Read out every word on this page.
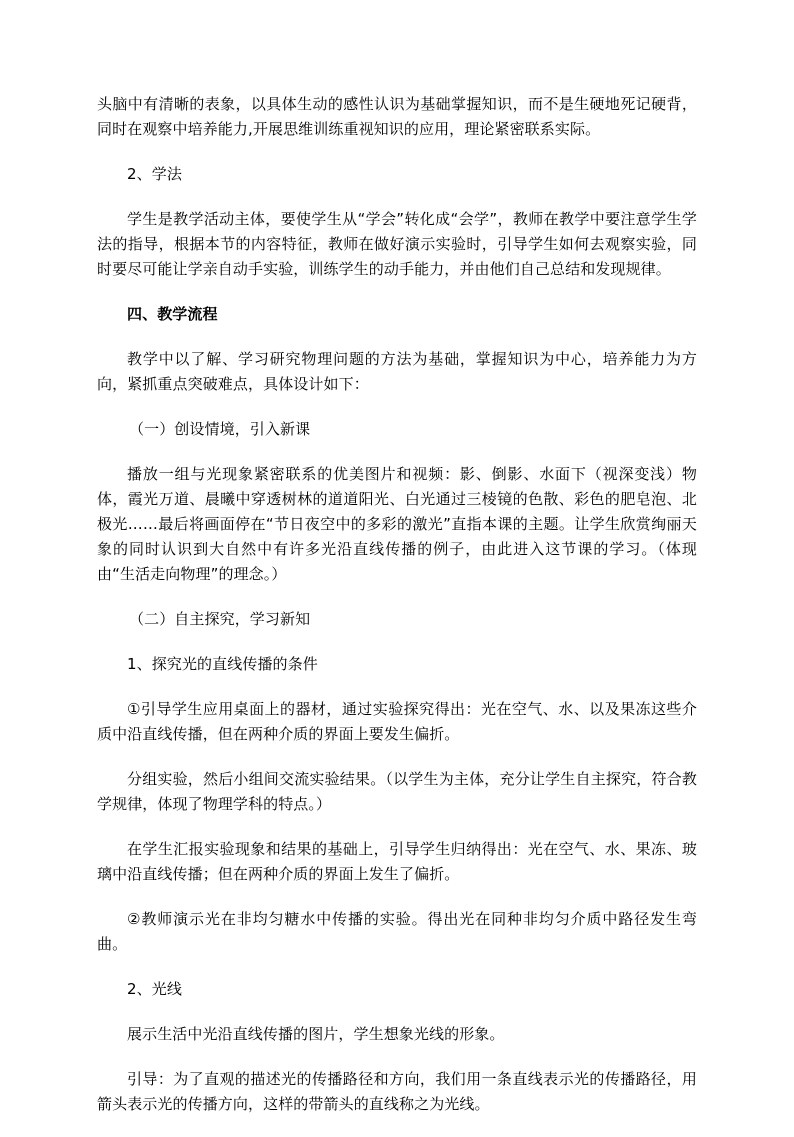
头脑中有清晰的表象，以具体生动的感性认识为基础掌握知识，而不是生硬地死记硬背，同时在观察中培养能力,开展思维训练重视知识的应用，理论紧密联系实际。

2、学法

学生是教学活动主体，要使学生从“学会”转化成“会学”，教师在教学中要注意学生学法的指导，根据本节的内容特征，教师在做好演示实验时，引导学生如何去观察实验，同时要尽可能让学亲自动手实验，训练学生的动手能力，并由他们自己总结和发现规律。

四、教学流程

教学中以了解、学习研究物理问题的方法为基础，掌握知识为中心，培养能力为方向，紧抓重点突破难点，具体设计如下：

（一）创设情境，引入新课

播放一组与光现象紧密联系的优美图片和视频：影、倒影、水面下（视深变浅）物体，霞光万道、晨曦中穿透树林的道道阳光、白光通过三棱镜的色散、彩色的肥皂泡、北极光……最后将画面停在“节日夜空中的多彩的激光”直指本课的主题。让学生欣赏绚丽天象的同时认识到大自然中有许多光沿直线传播的例子，由此进入这节课的学习。（体现由“生活走向物理”的理念。）

（二）自主探究，学习新知

1、探究光的直线传播的条件

①引导学生应用桌面上的器材，通过实验探究得出：光在空气、水、以及果冻这些介质中沿直线传播，但在两种介质的界面上要发生偏折。

分组实验，然后小组间交流实验结果。（以学生为主体，充分让学生自主探究，符合教学规律，体现了物理学科的特点。）

在学生汇报实验现象和结果的基础上，引导学生归纳得出：光在空气、水、果冻、玻璃中沿直线传播；但在两种介质的界面上发生了偏折。

②教师演示光在非均匀糖水中传播的实验。得出光在同种非均匀介质中路径发生弯曲。

2、光线

展示生活中光沿直线传播的图片，学生想象光线的形象。

引导：为了直观的描述光的传播路径和方向，我们用一条直线表示光的传播路径，用箭头表示光的传播方向，这样的带箭头的直线称之为光线。
